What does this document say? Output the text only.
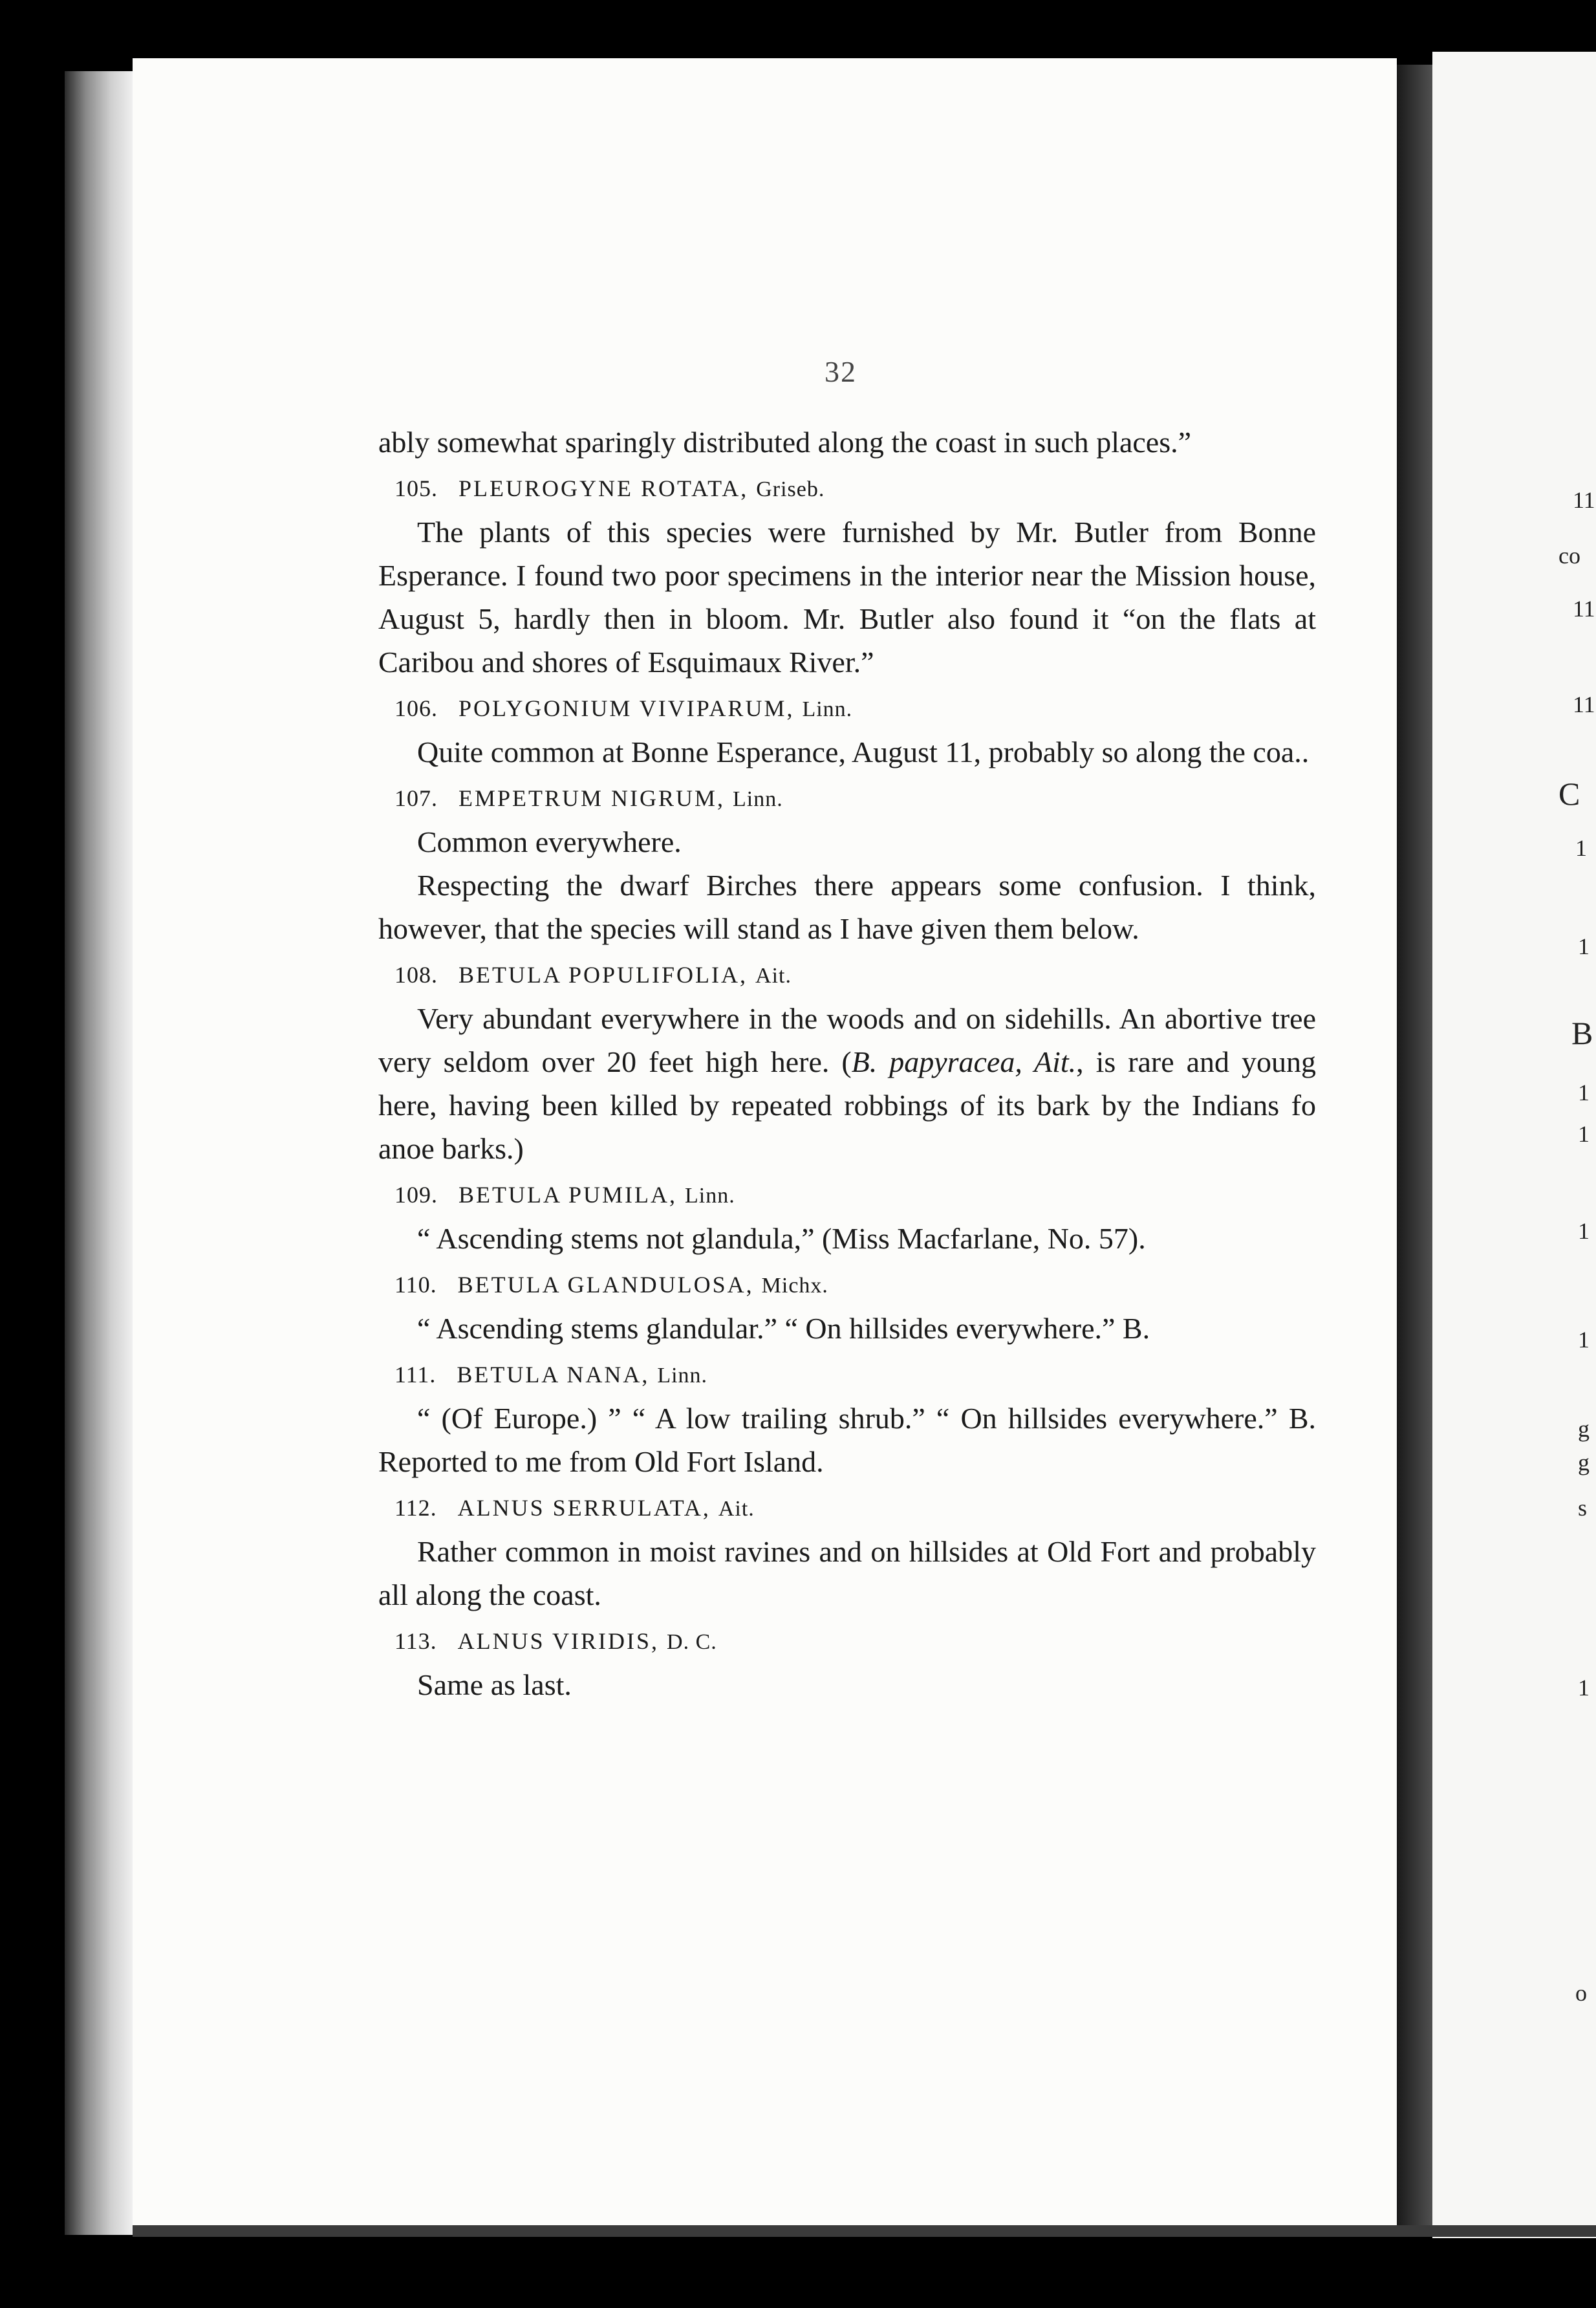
32

ably somewhat sparingly distributed along the coast in such places.”

105. PLEUROGYNE ROTATA, Griseb.

The plants of this species were furnished by Mr. Butler from Bonne Esperance. I found two poor specimens in the interior near the Mission house, August 5, hardly then in bloom. Mr. Butler also found it “on the flats at Caribou and shores of Esquimaux River.”

106. POLYGONIUM VIVIPARUM, Linn.

Quite common at Bonne Esperance, August 11, probably so along the coa..

107. EMPETRUM NIGRUM, Linn.

Common everywhere.

Respecting the dwarf Birches there appears some confusion. I think, however, that the species will stand as I have given them below.

108. BETULA POPULIFOLIA, Ait.

Very abundant everywhere in the woods and on sidehills. An abortive tree very seldom over 20 feet high here. (B. papyracea, Ait., is rare and young here, having been killed by repeated robbings of its bark by the Indians fo anoe barks.)

109. BETULA PUMILA, Linn.

“ Ascending stems not glandula,” (Miss Macfarlane, No. 57).

110. BETULA GLANDULOSA, Michx.

“ Ascending stems glandular.” “ On hillsides everywhere.” B.

111. BETULA NANA, Linn.

“ (Of Europe.) ” “ A low trailing shrub.” “ On hillsides everywhere.” B. Reported to me from Old Fort Island.

112. ALNUS SERRULATA, Ait.

Rather common in moist ravines and on hillsides at Old Fort and probably all along the coast.

113. ALNUS VIRIDIS, D. C.

Same as last.

11
co
11
11
C
1
1
B
1
1
1
1
g
g
s
1
o
